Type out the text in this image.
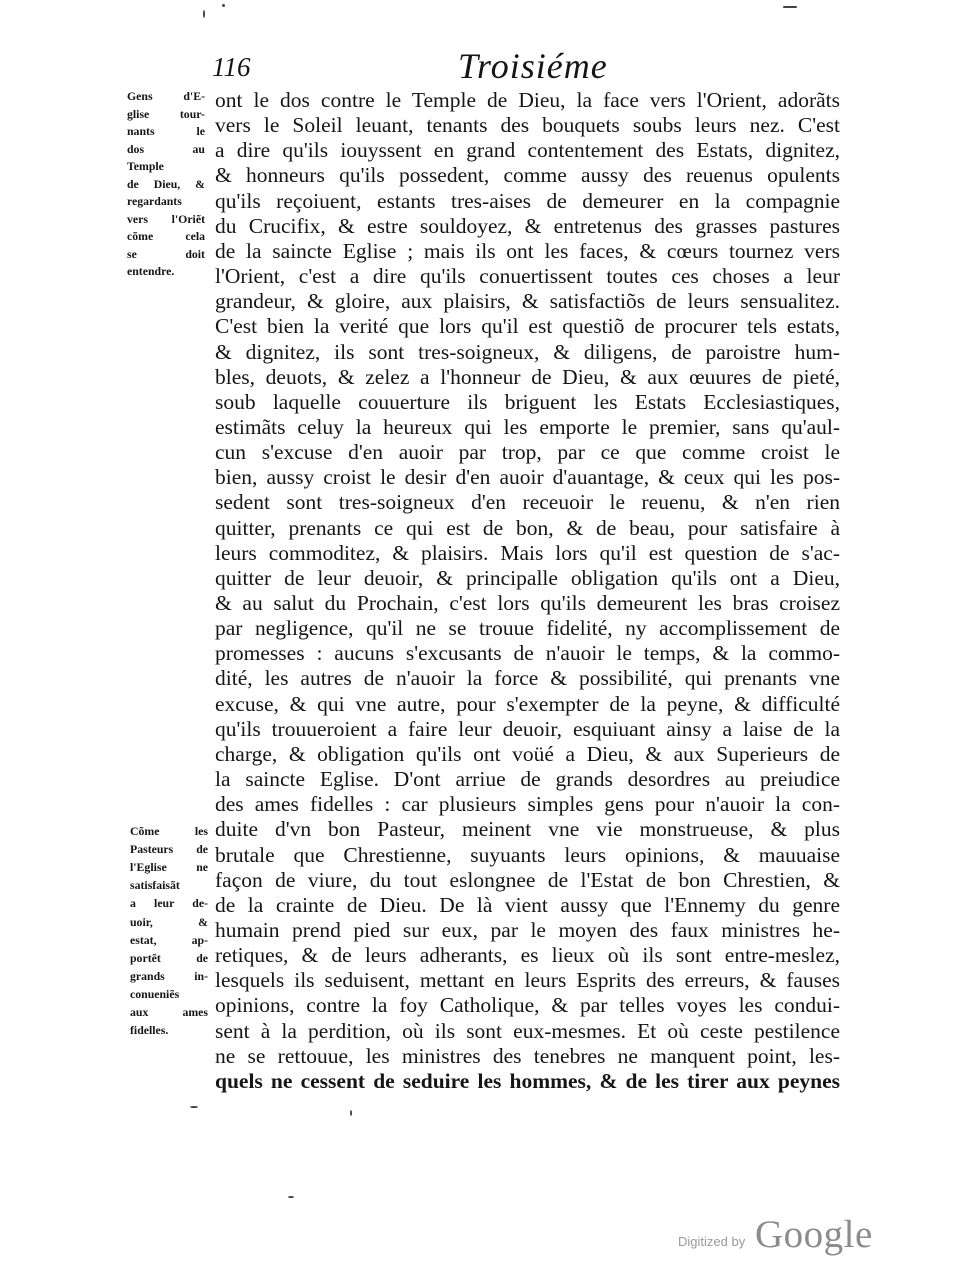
116	Troisiéme
Gens d'E-
glise tour-
nants le
dos au
Temple
de Dieu, &
regardants
vers l'Oriẽt
cõme cela
se doit
entendre.
Cõme les
Pasteurs de
l'Eglise ne
satisfaisãt
a leur de-
uoir, &
estat, ap-
portẽt de
grands in-
conueniẽs
aux ames
fidelles.
ont le dos contre le Temple de Dieu, la face vers l'Orient, adorãts
vers le Soleil leuant, tenants des bouquets soubs leurs nez. C'est
a dire qu'ils iouyssent en grand contentement des Estats, dignitez,
& honneurs qu'ils possedent, comme aussy des reuenus opulents
qu'ils reçoiuent, estants tres-aises de demeurer en la compagnie
du Crucifix, & estre souldoyez, & entretenus des grasses pastures
de la saincte Eglise ; mais ils ont les faces, & cœurs tournez vers
l'Orient, c'est a dire qu'ils conuertissent toutes ces choses a leur
grandeur, & gloire, aux plaisirs, & satisfactiõs de leurs sensualitez.
C'est bien la verité que lors qu'il est questiõ de procurer tels estats,
& dignitez, ils sont tres-soigneux, & diligens, de paroistre hum-
bles, deuots, & zelez a l'honneur de Dieu, & aux œuures de pieté,
soub laquelle couuerture ils briguent les Estats Ecclesiastiques,
estimãts celuy la heureux qui les emporte le premier, sans qu'aul-
cun s'excuse d'en auoir par trop, par ce que comme croist le
bien, aussy croist le desir d'en auoir d'auantage, & ceux qui les pos-
sedent sont tres-soigneux d'en receuoir le reuenu, & n'en rien
quitter, prenants ce qui est de bon, & de beau, pour satisfaire à
leurs commoditez, & plaisirs. Mais lors qu'il est question de s'ac-
quitter de leur deuoir, & principalle obligation qu'ils ont a Dieu,
& au salut du Prochain, c'est lors qu'ils demeurent les bras croisez
par negligence, qu'il ne se trouue fidelité, ny accomplissement de
promesses : aucuns s'excusants de n'auoir le temps, & la commo-
dité, les autres de n'auoir la force & possibilité, qui prenants vne
excuse, & qui vne autre, pour s'exempter de la peyne, & difficulté
qu'ils trouueroient a faire leur deuoir, esquiuant ainsy a laise de la
charge, & obligation qu'ils ont voüé a Dieu, & aux Superieurs de
la saincte Eglise. D'ont arriue de grands desordres au preiudice
des ames fidelles : car plusieurs simples gens pour n'auoir la con-
duite d'vn bon Pasteur, meinent vne vie monstrueuse, & plus
brutale que Chrestienne, suyuants leurs opinions, & mauuaise
façon de viure, du tout eslongnee de l'Estat de bon Chrestien, &
de la crainte de Dieu. De là vient aussy que l'Ennemy du genre
humain prend pied sur eux, par le moyen des faux ministres he-
retiques, & de leurs adherants, es lieux où ils sont entre-meslez,
lesquels ils seduisent, mettant en leurs Esprits des erreurs, & fauses
opinions, contre la foy Catholique, & par telles voyes les condui-
sent à la perdition, où ils sont eux-mesmes. Et où ceste pestilence
ne se rettouue, les ministres des tenebres ne manquent point, les-
quels ne cessent de seduire les hommes, & de les tirer aux peynes
Digitized by Google
